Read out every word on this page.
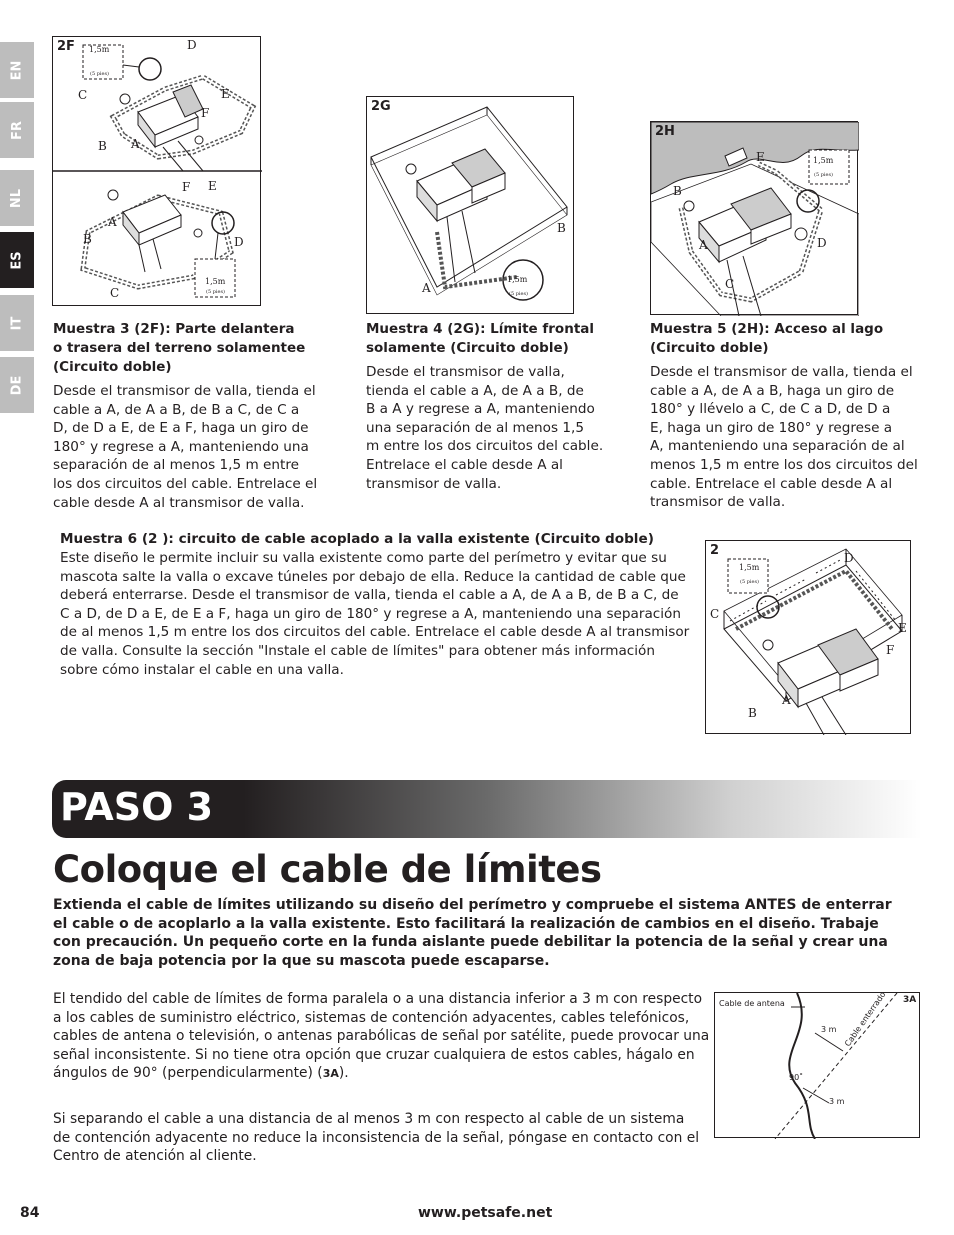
EN
FR
NL
ES
IT
DE
2F 1,5m
(5 pies)
D
C	E
F
B A
F E
A
B	D
C
1,5m
(5 pies)
2G
B
A
1,5m
(5 pies)
2H
E
B
A	D
C
1,5m
(5 pies)
Muestra 3 (2F): Parte delantera
o trasera del terreno solamentee
(Circuito doble)
Desde el transmisor de valla, tienda el
cable a A, de A a B, de B a C, de C a
D, de D a E, de E a F, haga un giro de
180° y regrese a A, manteniendo una
separación de al menos 1,5 m entre
los dos circuitos del cable. Entrelace el
cable desde A al transmisor de valla.
Muestra 4 (2G): Límite frontal
solamente (Circuito doble)
Desde el transmisor de valla,
tienda el cable a A, de A a B, de
B a A y regrese a A, manteniendo
una separación de al menos 1,5
m entre los dos circuitos del cable.
Entrelace el cable desde A al
transmisor de valla.
Muestra 5 (2H): Acceso al lago
(Circuito doble)
Desde el transmisor de valla, tienda el
cable a A, de A a B, haga un giro de
180° y llévelo a C, de C a D, de D a
E, haga un giro de 180° y regrese a
A, manteniendo una separación de al
menos 1,5 m entre los dos circuitos del
cable. Entrelace el cable desde A al
transmisor de valla.
Muestra 6 (2 ): circuito de cable acoplado a la valla existente (Circuito doble)
Este diseño le permite incluir su valla existente como parte del perímetro y evitar que su
mascota salte la valla o excave túneles por debajo de ella. Reduce la cantidad de cable que
deberá enterrarse. Desde el transmisor de valla, tienda el cable a A, de A a B, de B a C, de
C a D, de D a E, de E a F, haga un giro de 180° y regrese a A, manteniendo una separación
de al menos 1,5 m entre los dos circuitos del cable. Entrelace el cable desde A al transmisor
de valla. Consulte la sección "Instale el cable de límites" para obtener más información
sobre cómo instalar el cable en una valla.
2	D
C
E
F
A
B
1,5m
(5 pies)
PASO 3
Coloque el cable de límites
Extienda el cable de límites utilizando su diseño del perímetro y compruebe el sistema ANTES de enterrar
el cable o de acoplarlo a la valla existente. Esto facilitará la realización de cambios en el diseño. Trabaje
con precaución. Un pequeño corte en la funda aislante puede debilitar la potencia de la señal y crear una
zona de baja potencia por la que su mascota puede escaparse.
El tendido del cable de límites de forma paralela o a una distancia inferior a 3 m con respecto
a los cables de suministro eléctrico, sistemas de contención adyacentes, cables telefónicos,
cables de antena o televisión, o antenas parabólicas de señal por satélite, puede provocar una
señal inconsistente. Si no tiene otra opción que cruzar cualquiera de estos cables, hágalo en
ángulos de 90° (perpendicularmente) (3A).
Si separando el cable a una distancia de al menos 3 m con respecto al cable de un sistema
de contención adyacente no reduce la inconsistencia de la señal, póngase en contacto con el
Centro de atención al cliente.
Cable de antena	3A
3 m
3 m
90˚
Cable enterrado
84	www.petsafe.net
